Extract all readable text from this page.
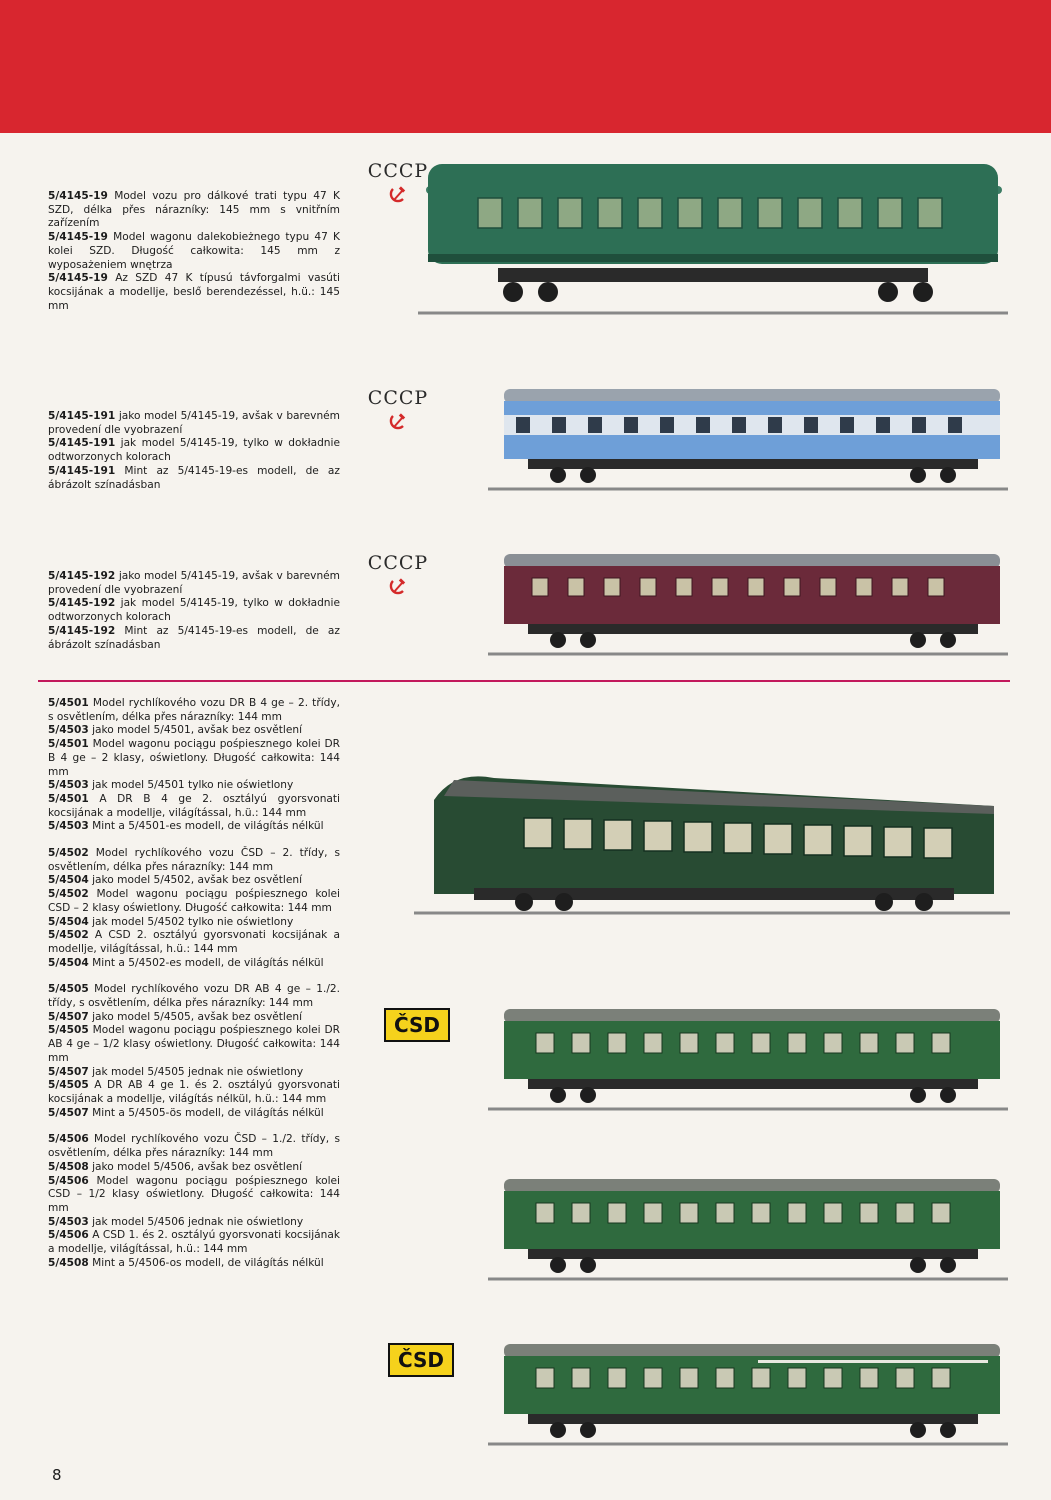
5/4145-19 Model vozu pro dálkové trati typu 47 K SZD, délka přes nárazníky: 145 mm s vnitřním zařízením
5/4145-19 Model wagonu dalekobieżnego typu 47 K kolei SZD. Długość całkowita: 145 mm z wyposażeniem wnętrza
5/4145-19 Az SZD 47 K típusú távforgalmi vasúti kocsijának a modellje, beslő berendezéssel, h.ü.: 145 mm
5/4145-191 jako model 5/4145-19, avšak v barevném provedení dle vyobrazení
5/4145-191 jak model 5/4145-19, tylko w dokładnie odtworzonych kolorach
5/4145-191 Mint az 5/4145-19-es modell, de az ábrázolt színadásban
5/4145-192 jako model 5/4145-19, avšak v barevném provedení dle vyobrazení
5/4145-192 jak model 5/4145-19, tylko w dokładnie odtworzonych kolorach
5/4145-192 Mint az 5/4145-19-es modell, de az ábrázolt színadásban
5/4501 Model rychlíkového vozu DR B 4 ge – 2. třídy, s osvětlením, délka přes nárazníky: 144 mm
5/4503 jako model 5/4501, avšak bez osvětlení
5/4501 Model wagonu pociągu pośpiesznego kolei DR B 4 ge – 2 klasy, oświetlony. Długość całkowita: 144 mm
5/4503 jak model 5/4501 tylko nie oświetlony
5/4501 A DR B 4 ge 2. osztályú gyorsvonati kocsijának a modellje, világítással, h.ü.: 144 mm
5/4503 Mint a 5/4501-es modell, de világítás nélkül
5/4502 Model rychlíkového vozu ČSD – 2. třídy, s osvětlením, délka přes nárazníky: 144 mm
5/4504 jako model 5/4502, avšak bez osvětlení
5/4502 Model wagonu pociągu pośpiesznego kolei CSD – 2 klasy oświetlony. Długość całkowita: 144 mm
5/4504 jak model 5/4502 tylko nie oświetlony
5/4502 A CSD 2. osztályú gyorsvonati kocsijának a modellje, világítással, h.ü.: 144 mm
5/4504 Mint a 5/4502-es modell, de világítás nélkül
5/4505 Model rychlíkového vozu DR AB 4 ge – 1./2. třídy, s osvětlením, délka přes nárazníky: 144 mm
5/4507 jako model 5/4505, avšak bez osvětlení
5/4505 Model wagonu pociągu pośpiesznego kolei DR AB 4 ge – 1/2 klasy oświetlony. Długość całkowita: 144 mm
5/4507 jak model 5/4505 jednak nie oświetlony
5/4505 A DR AB 4 ge 1. és 2. osztályú gyorsvonati kocsijának a modellje, világítás nélkül, h.ü.: 144 mm
5/4507 Mint a 5/4505-ös modell, de világítás nélkül
5/4506 Model rychlíkového vozu ČSD – 1./2. třídy, s osvětlením, délka přes nárazníky: 144 mm
5/4508 jako model 5/4506, avšak bez osvětlení
5/4506 Model wagonu pociągu pośpiesznego kolei CSD – 1/2 klasy oświetlony. Długość całkowita: 144 mm
5/4503 jak model 5/4506 jednak nie oświetlony
5/4506 A CSD 1. és 2. osztályú gyorsvonati kocsijának a modellje, világítással, h.ü.: 144 mm
5/4508 Mint a 5/4506-os modell, de világítás nélkül
CCCP
CCCP
CCCP
ČSD
ČSD
8
